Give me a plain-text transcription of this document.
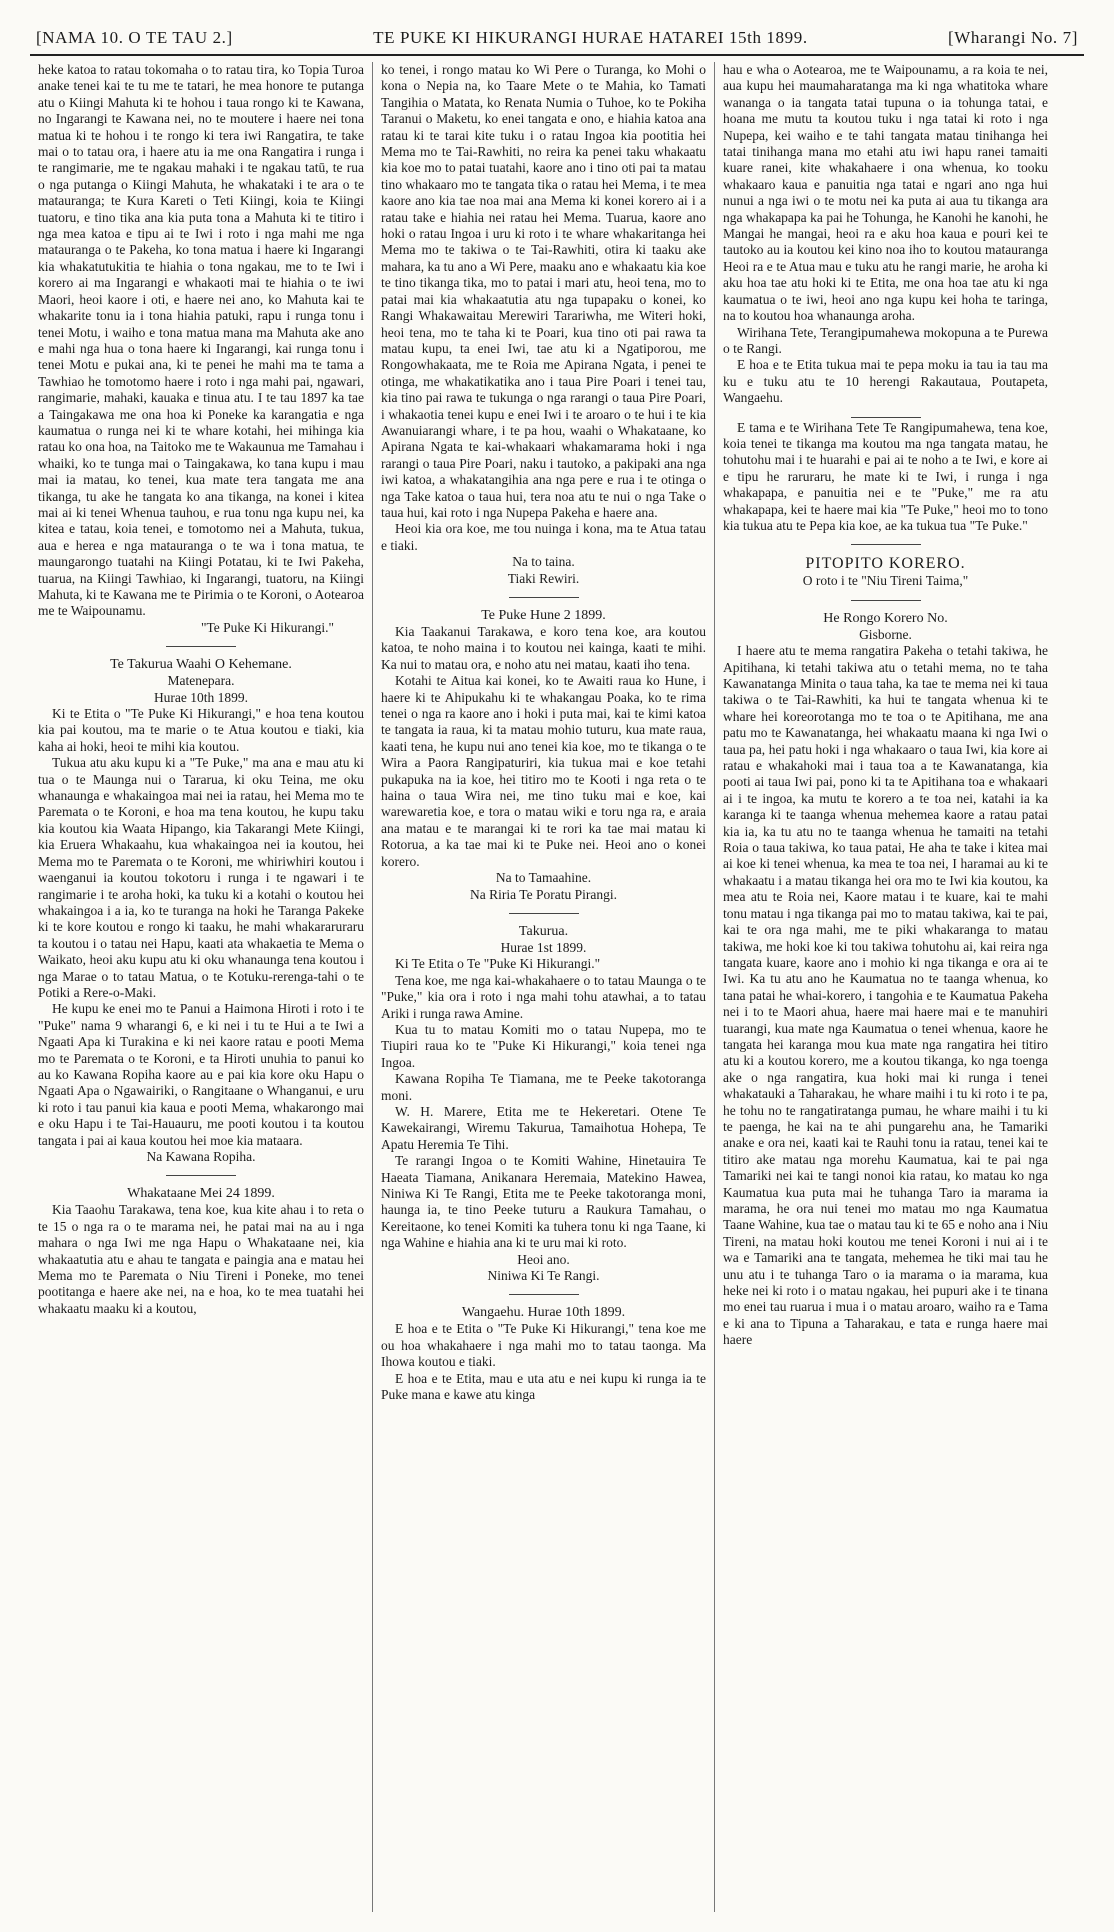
[NAMA 10. O TE TAU 2.]	TE PUKE KI HIKURANGI HURAE HATAREI 15th 1899.	[Wharangi No. 7]

heke katoa to ratau tokomaha o to ratau tira, ko Topia Turoa anake tenei kai te tu me te tatari, he mea honore te putanga atu o Kiingi Mahuta ki te hohou i taua rongo ki te Kawana, no Ingarangi te Kawana nei, no te moutere i haere nei tona matua ki te hohou i te rongo ki tera iwi Rangatira, te take mai o to tatau ora, i haere atu ia me ona Rangatira i runga i te rangimarie, me te ngakau mahaki i te ngakau tatū, te rua o nga putanga o Kiingi Mahuta, he whakataki i te ara o te matauranga; te Kura Kareti o Teti Kiingi, koia te Kiingi tuatoru, e tino tika ana kia puta tona a Mahuta ki te titiro i nga mea katoa e tipu ai te Iwi i roto i nga mahi me nga matauranga o te Pakeha, ko tona matua i haere ki Ingarangi kia whakatutukitia te hiahia o tona ngakau, me to te Iwi i korero ai ma Ingarangi e whakaoti mai te hiahia o te iwi Maori, heoi kaore i oti, e haere nei ano, ko Mahuta kai te whakarite tonu ia i tona hiahia patuki, rapu i runga tonu i tenei Motu, i waiho e tona matua mana ma Mahuta ake ano e mahi nga hua o tona haere ki Ingarangi, kai runga tonu i tenei Motu e pukai ana, ki te penei he mahi ma te tama a Tawhiao he tomotomo haere i roto i nga mahi pai, ngawari, rangimarie, mahaki, kauaka e tinua atu. I te tau 1897 ka tae a Taingakawa me ona hoa ki Poneke ka karangatia e nga kaumatua o runga nei ki te whare kotahi, hei mihinga kia ratau ko ona hoa, na Taitoko me te Wakaunua me Tamahau i whaiki, ko te tunga mai o Taingakawa, ko tana kupu i mau mai ia matau, ko tenei, kua mate tera tangata me ana tikanga, tu ake he tangata ko ana tikanga, na konei i kitea mai ai ki tenei Whenua tauhou, e rua tonu nga kupu nei, ka kitea e tatau, koia tenei, e tomotomo nei a Mahuta, tukua, aua e herea e nga matauranga o te wa i tona matua, te maungarongo tuatahi na Kiingi Potatau, ki te Iwi Pakeha, tuarua, na Kiingi Tawhiao, ki Ingarangi, tuatoru, na Kiingi Mahuta, ki te Kawana me te Pirimia o te Koroni, o Aotearoa me te Waipounamu.

"Te Puke Ki Hikurangi."

Te Takurua Waahi O Kehemane.
Matenepara.
Hurae 10th 1899.

Ki te Etita o "Te Puke Ki Hikurangi," e hoa tena koutou kia pai koutou, ma te marie o te Atua koutou e tiaki, kia kaha ai hoki, heoi te mihi kia koutou.

Tukua atu aku kupu ki a "Te Puke," ma ana e mau atu ki tua o te Maunga nui o Tararua, ki oku Teina, me oku whanaunga e whakaingoa mai nei ia ratau, hei Mema mo te Paremata o te Koroni, e hoa ma tena koutou, he kupu taku kia koutou kia Waata Hipango, kia Takarangi Mete Kiingi, kia Eruera Whakaahu, kua whakaingoa nei ia koutou, hei Mema mo te Paremata o te Koroni, me whiriwhiri koutou i waenganui ia koutou tokotoru i runga i te ngawari i te rangimarie i te aroha hoki, ka tuku ki a kotahi o koutou hei whakaingoa i a ia, ko te turanga na hoki he Taranga Pakeke ki te kore koutou e rongo ki taaku, he mahi whakararuraru ta koutou i o tatau nei Hapu, kaati ata whakaetia te Mema o Waikato, heoi aku kupu atu ki oku whanaunga tena koutou i nga Marae o to tatau Matua, o te Kotuku-rerenga-tahi o te Potiki a Rere-o-Maki.

He kupu ke enei mo te Panui a Haimona Hiroti i roto i te "Puke" nama 9 wharangi 6, e ki nei i tu te Hui a te Iwi a Ngaati Apa ki Turakina e ki nei kaore ratau e pooti Mema mo te Paremata o te Koroni, e ta Hiroti unuhia to panui ko au ko Kawana Ropiha kaore au e pai kia kore oku Hapu o Ngaati Apa o Ngawairiki, o Rangitaane o Whanganui, e uru ki roto i tau panui kia kaua e pooti Mema, whakarongo mai e oku Hapu i te Tai-Hauauru, me pooti koutou i ta koutou tangata i pai ai kaua koutou hei moe kia mataara.

Na Kawana Ropiha.

Whakataane Mei 24 1899.

Kia Taaohu Tarakawa, tena koe, kua kite ahau i to reta o te 15 o nga ra o te marama nei, he patai mai na au i nga mahara o nga Iwi me nga Hapu o Whakataane nei, kia whakaatutia atu e ahau te tangata e paingia ana e matau hei Mema mo te Paremata o Niu Tireni i Poneke, mo tenei pootitanga e haere ake nei, na e hoa, ko te mea tuatahi hei whakaatu maaku ki a koutou,

ko tenei, i rongo matau ko Wi Pere o Turanga, ko Mohi o kona o Nepia na, ko Taare Mete o te Mahia, ko Tamati Tangihia o Matata, ko Renata Numia o Tuhoe, ko te Pokiha Taranui o Maketu, ko enei tangata e ono, e hiahia katoa ana ratau ki te tarai kite tuku i o ratau Ingoa kia pootitia hei Mema mo te Tai-Rawhiti, no reira ka penei taku whakaatu kia koe mo to patai tuatahi, kaore ano i tino oti pai ta matau tino whakaaro mo te tangata tika o ratau hei Mema, i te mea kaore ano kia tae noa mai ana Mema ki konei korero ai i a ratau take e hiahia nei ratau hei Mema. Tuarua, kaore ano hoki o ratau Ingoa i uru ki roto i te whare whakaritanga hei Mema mo te takiwa o te Tai-Rawhiti, otira ki taaku ake mahara, ka tu ano a Wi Pere, maaku ano e whakaatu kia koe te tino tikanga tika, mo to patai i mari atu, heoi tena, mo to patai mai kia whakaatutia atu nga tupapaku o konei, ko Rangi Whakawaitau Merewiri Tarariwha, me Witeri hoki, heoi tena, mo te taha ki te Poari, kua tino oti pai rawa ta matau kupu, ta enei Iwi, tae atu ki a Ngatiporou, me Rongowhakaata, me te Roia me Apirana Ngata, i penei te otinga, me whakatikatika ano i taua Pire Poari i tenei tau, kia tino pai rawa te tukunga o nga rarangi o taua Pire Poari, i whakaotia tenei kupu e enei Iwi i te aroaro o te hui i te kia Awanuiarangi whare, i te pa hou, waahi o Whakataane, ko Apirana Ngata te kai-whakaari whakamarama hoki i nga rarangi o taua Pire Poari, naku i tautoko, a pakipaki ana nga iwi katoa, a whakatangihia ana nga pere e rua i te otinga o nga Take katoa o taua hui, tera noa atu te nui o nga Take o taua hui, kai roto i nga Nupepa Pakeha e haere ana.

Heoi kia ora koe, me tou nuinga i kona, ma te Atua tatau e tiaki.

Na to taina.

Tiaki Rewiri.

Te Puke Hune 2 1899.

Kia Taakanui Tarakawa, e koro tena koe, ara koutou katoa, te noho maina i to koutou nei kainga, kaati te mihi. Ka nui to matau ora, e noho atu nei matau, kaati iho tena.

Kotahi te Aitua kai konei, ko te Awaiti raua ko Hune, i haere ki te Ahipukahu ki te whakangau Poaka, ko te rima tenei o nga ra kaore ano i hoki i puta mai, kai te kimi katoa te tangata ia raua, ki ta matau mohio tuturu, kua mate raua, kaati tena, he kupu nui ano tenei kia koe, mo te tikanga o te Wira a Paora Rangipaturiri, kia tukua mai e koe tetahi pukapuka na ia koe, hei titiro mo te Kooti i nga reta o te haina o taua Wira nei, me tino tuku mai e koe, kai warewaretia koe, e tora o matau wiki e toru nga ra, e araia ana matau e te marangai ki te rori ka tae mai matau ki Rotorua, a ka tae mai ki te Puke nei. Heoi ano o konei korero.

Na to Tamaahine.

Na Riria Te Poratu Pirangi.

Takurua.
Hurae 1st 1899.

Ki Te Etita o Te "Puke Ki Hikurangi."

Tena koe, me nga kai-whakahaere o to tatau Maunga o te "Puke," kia ora i roto i nga mahi tohu atawhai, a to tatau Ariki i runga rawa Amine.

Kua tu to matau Komiti mo o tatau Nupepa, mo te Tiupiri raua ko te "Puke Ki Hikurangi," koia tenei nga Ingoa.

Kawana Ropiha Te Tiamana, me te Peeke takotoranga moni.

W. H. Marere, Etita me te Hekeretari. Otene Te Kawekairangi, Wiremu Takurua, Tamaihotua Hohepa, Te Apatu Heremia Te Tihi.

Te rarangi Ingoa o te Komiti Wahine, Hinetauira Te Haeata Tiamana, Anikanara Heremaia, Matekino Hawea, Niniwa Ki Te Rangi, Etita me te Peeke takotoranga moni, haunga ia, te tino Peeke tuturu a Raukura Tamahau, o Kereitaone, ko tenei Komiti ka tuhera tonu ki nga Taane, ki nga Wahine e hiahia ana ki te uru mai ki roto.

Heoi ano.

Niniwa Ki Te Rangi.

Wangaehu. Hurae 10th 1899.

E hoa e te Etita o "Te Puke Ki Hikurangi," tena koe me ou hoa whakahaere i nga mahi mo to tatau taonga. Ma Ihowa koutou e tiaki.

E hoa e te Etita, mau e uta atu e nei kupu ki runga ia te Puke mana e kawe atu kinga

hau e wha o Aotearoa, me te Waipounamu, a ra koia te nei, aua kupu hei maumaharatanga ma ki nga whatitoka whare wananga o ia tangata tatai tupuna o ia tohunga tatai, e hoana me mutu ta koutou tuku i nga tatai ki roto i nga Nupepa, kei waiho e te tahi tangata matau tinihanga hei tatai tinihanga mana mo etahi atu iwi hapu ranei tamaiti kuare ranei, kite whakahaere i ona whenua, ko tooku whakaaro kaua e panuitia nga tatai e ngari ano nga hui nunui a nga iwi o te motu nei ka puta ai aua tu tikanga ara nga whakapapa ka pai he Tohunga, he Kanohi he kanohi, he Mangai he mangai, heoi ra e aku hoa kaua e pouri kei te tautoko au ia koutou kei kino noa iho to koutou matauranga Heoi ra e te Atua mau e tuku atu he rangi marie, he aroha ki aku hoa tae atu hoki ki te Etita, me ona hoa tae atu ki nga kaumatua o te iwi, heoi ano nga kupu kei hoha te taringa, na to koutou hoa whanaunga aroha.

Wirihana Tete, Terangipumahewa mokopuna a te Purewa o te Rangi.

E hoa e te Etita tukua mai te pepa moku ia tau ia tau ma ku e tuku atu te 10 herengi Rakautaua, Poutapeta, Wangaehu.

E tama e te Wirihana Tete Te Rangipumahewa, tena koe, koia tenei te tikanga ma koutou ma nga tangata matau, he tohutohu mai i te huarahi e pai ai te noho a te Iwi, e kore ai e tipu he raruraru, he mate ki te Iwi, i runga i nga whakapapa, e panuitia nei e te "Puke," me ra atu whakapapa, kei te haere mai kia "Te Puke," heoi mo to tono kia tukua atu te Pepa kia koe, ae ka tukua tua "Te Puke."

PITOPITO KORERO.
O roto i te "Niu Tireni Taima,"
He Rongo Korero No.
Gisborne.

I haere atu te mema rangatira Pakeha o tetahi takiwa, he Apitihana, ki tetahi takiwa atu o tetahi mema, no te taha Kawanatanga Minita o taua taha, ka tae te mema nei ki taua takiwa o te Tai-Rawhiti, ka hui te tangata whenua ki te whare hei koreorotanga mo te toa o te Apitihana, me ana patu mo te Kawanatanga, hei whakaatu maana ki nga Iwi o taua pa, hei patu hoki i nga whakaaro o taua Iwi, kia kore ai ratau e whakahoki mai i taua toa a te Kawanatanga, kia pooti ai taua Iwi pai, pono ki ta te Apitihana toa e whakaari ai i te ingoa, ka mutu te korero a te toa nei, katahi ia ka karanga ki te taanga whenua mehemea kaore a ratau patai kia ia, ka tu atu no te taanga whenua he tamaiti na tetahi Roia o taua takiwa, ko taua patai, He aha te take i kitea mai ai koe ki tenei whenua, ka mea te toa nei, I haramai au ki te whakaatu i a matau tikanga hei ora mo te Iwi kia koutou, ka mea atu te Roia nei, Kaore matau i te kuare, kai te mahi tonu matau i nga tikanga pai mo to matau takiwa, kai te pai, kai te ora nga mahi, me te piki whakaranga to matau takiwa, me hoki koe ki tou takiwa tohutohu ai, kai reira nga tangata kuare, kaore ano i mohio ki nga tikanga e ora ai te Iwi. Ka tu atu ano he Kaumatua no te taanga whenua, ko tana patai he whai-korero, i tangohia e te Kaumatua Pakeha nei i to te Maori ahua, haere mai haere mai e te manuhiri tuarangi, kua mate nga Kaumatua o tenei whenua, kaore he tangata hei karanga mou kua mate nga rangatira hei titiro atu ki a koutou korero, me a koutou tikanga, ko nga toenga ake o nga rangatira, kua hoki mai ki runga i tenei whakatauki a Taharakau, he whare maihi i tu ki roto i te pa, he tohu no te rangatiratanga pumau, he whare maihi i tu ki te paenga, he kai na te ahi pungarehu ana, he Tamariki anake e ora nei, kaati kai te Rauhi tonu ia ratau, tenei kai te titiro ake matau nga morehu Kaumatua, kai te pai nga Tamariki nei kai te tangi nonoi kia ratau, ko matau ko nga Kaumatua kua puta mai he tuhanga Taro ia marama ia marama, he ora nui tenei mo matau mo nga Kaumatua Taane Wahine, kua tae o matau tau ki te 65 e noho ana i Niu Tireni, na matau hoki koutou me tenei Koroni i nui ai i te wa e Tamariki ana te tangata, mehemea he tiki mai tau he unu atu i te tuhanga Taro o ia marama o ia marama, kua heke nei ki roto i o matau ngakau, hei pupuri ake i te tinana mo enei tau ruarua i mua i o matau aroaro, waiho ra e Tama e ki ana to Tipuna a Taharakau, e tata e runga haere mai haere
